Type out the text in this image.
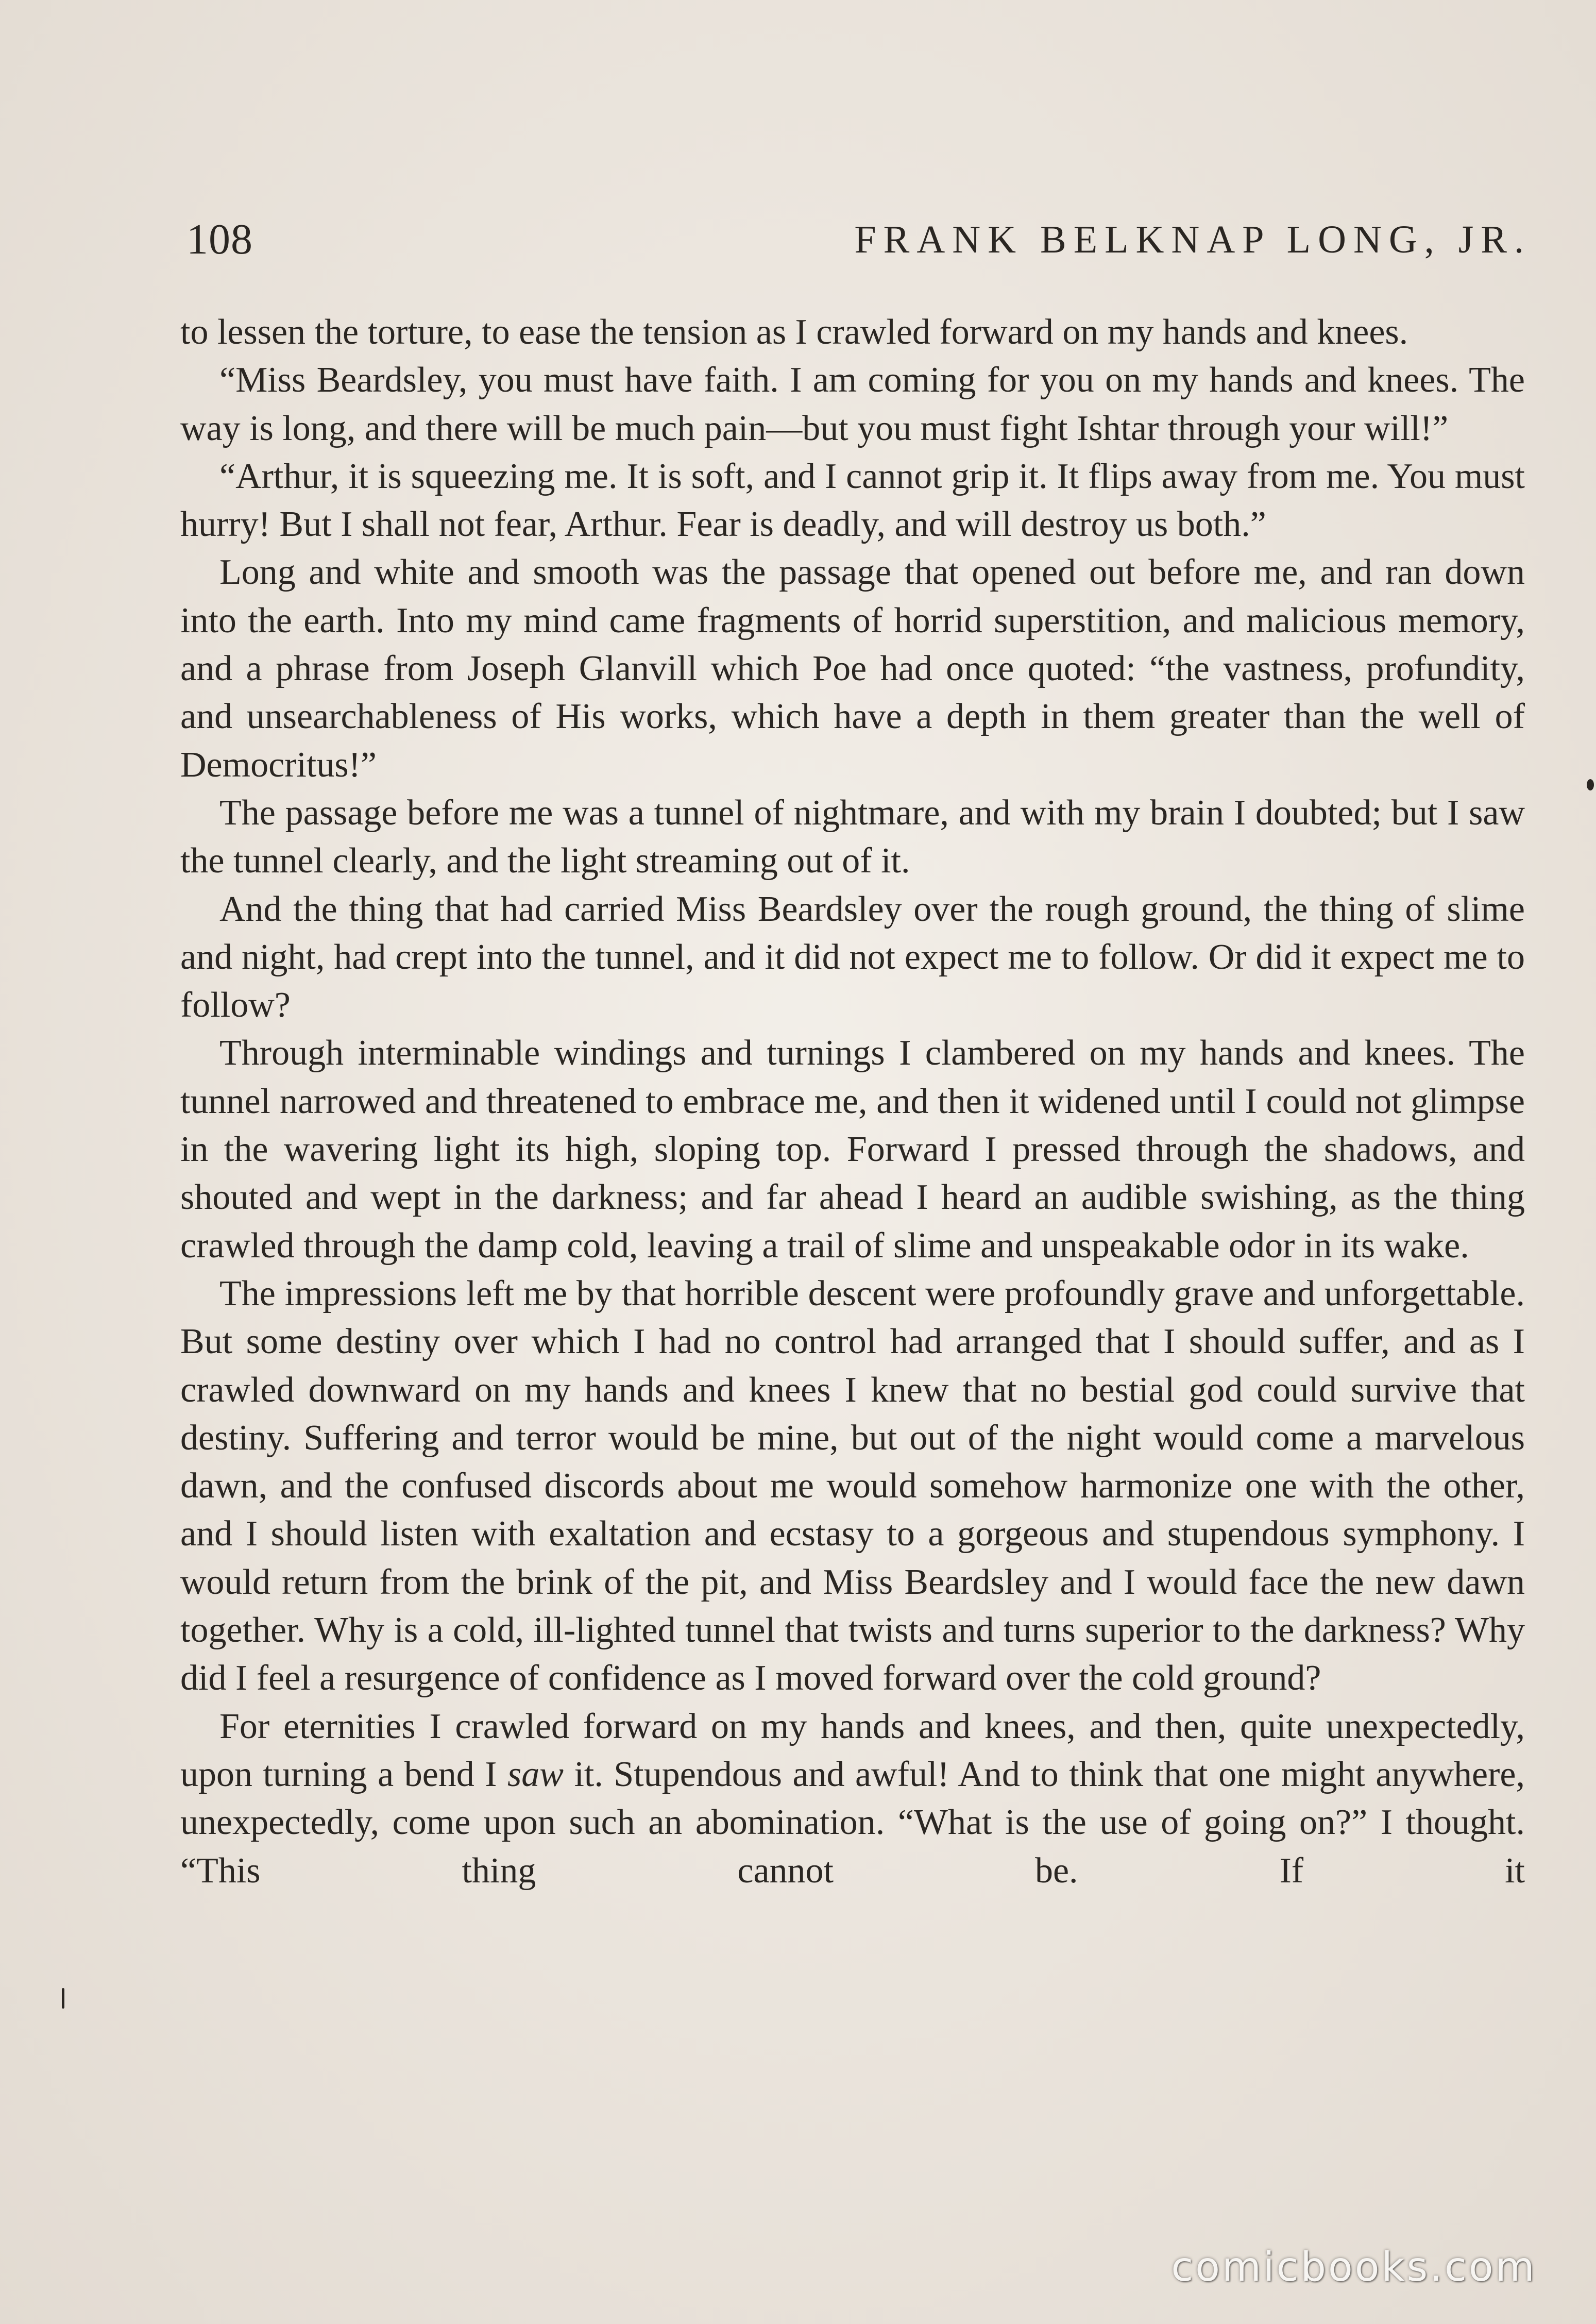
108	FRANK BELKNAP LONG, JR.

to lessen the torture, to ease the tension as I crawled forward on my hands and knees.

“Miss Beardsley, you must have faith. I am coming for you on my hands and knees. The way is long, and there will be much pain—but you must fight Ishtar through your will!”

“Arthur, it is squeezing me. It is soft, and I cannot grip it. It flips away from me. You must hurry! But I shall not fear, Arthur. Fear is deadly, and will destroy us both.”

Long and white and smooth was the passage that opened out before me, and ran down into the earth. Into my mind came fragments of horrid superstition, and malicious memory, and a phrase from Joseph Glanvill which Poe had once quoted: “the vastness, profundity, and unsearchableness of His works, which have a depth in them greater than the well of Democritus!”

The passage before me was a tunnel of nightmare, and with my brain I doubted; but I saw the tunnel clearly, and the light streaming out of it.

And the thing that had carried Miss Beardsley over the rough ground, the thing of slime and night, had crept into the tunnel, and it did not expect me to follow. Or did it expect me to follow?

Through interminable windings and turnings I clambered on my hands and knees. The tunnel narrowed and threatened to embrace me, and then it widened until I could not glimpse in the wavering light its high, sloping top. Forward I pressed through the shadows, and shouted and wept in the darkness; and far ahead I heard an audible swishing, as the thing crawled through the damp cold, leaving a trail of slime and unspeakable odor in its wake.

The impressions left me by that horrible descent were profoundly grave and unforgettable. But some destiny over which I had no control had arranged that I should suffer, and as I crawled downward on my hands and knees I knew that no bestial god could survive that destiny. Suffering and terror would be mine, but out of the night would come a marvelous dawn, and the confused discords about me would somehow harmonize one with the other, and I should listen with exaltation and ecstasy to a gorgeous and stupendous symphony. I would return from the brink of the pit, and Miss Beardsley and I would face the new dawn together. Why is a cold, ill-lighted tunnel that twists and turns superior to the darkness? Why did I feel a resurgence of confidence as I moved forward over the cold ground?

For eternities I crawled forward on my hands and knees, and then, quite unexpectedly, upon turning a bend I saw it. Stupendous and awful! And to think that one might anywhere, unexpectedly, come upon such an abomination. “What is the use of going on?” I thought. “This thing cannot be. If it

comicbooks.com
